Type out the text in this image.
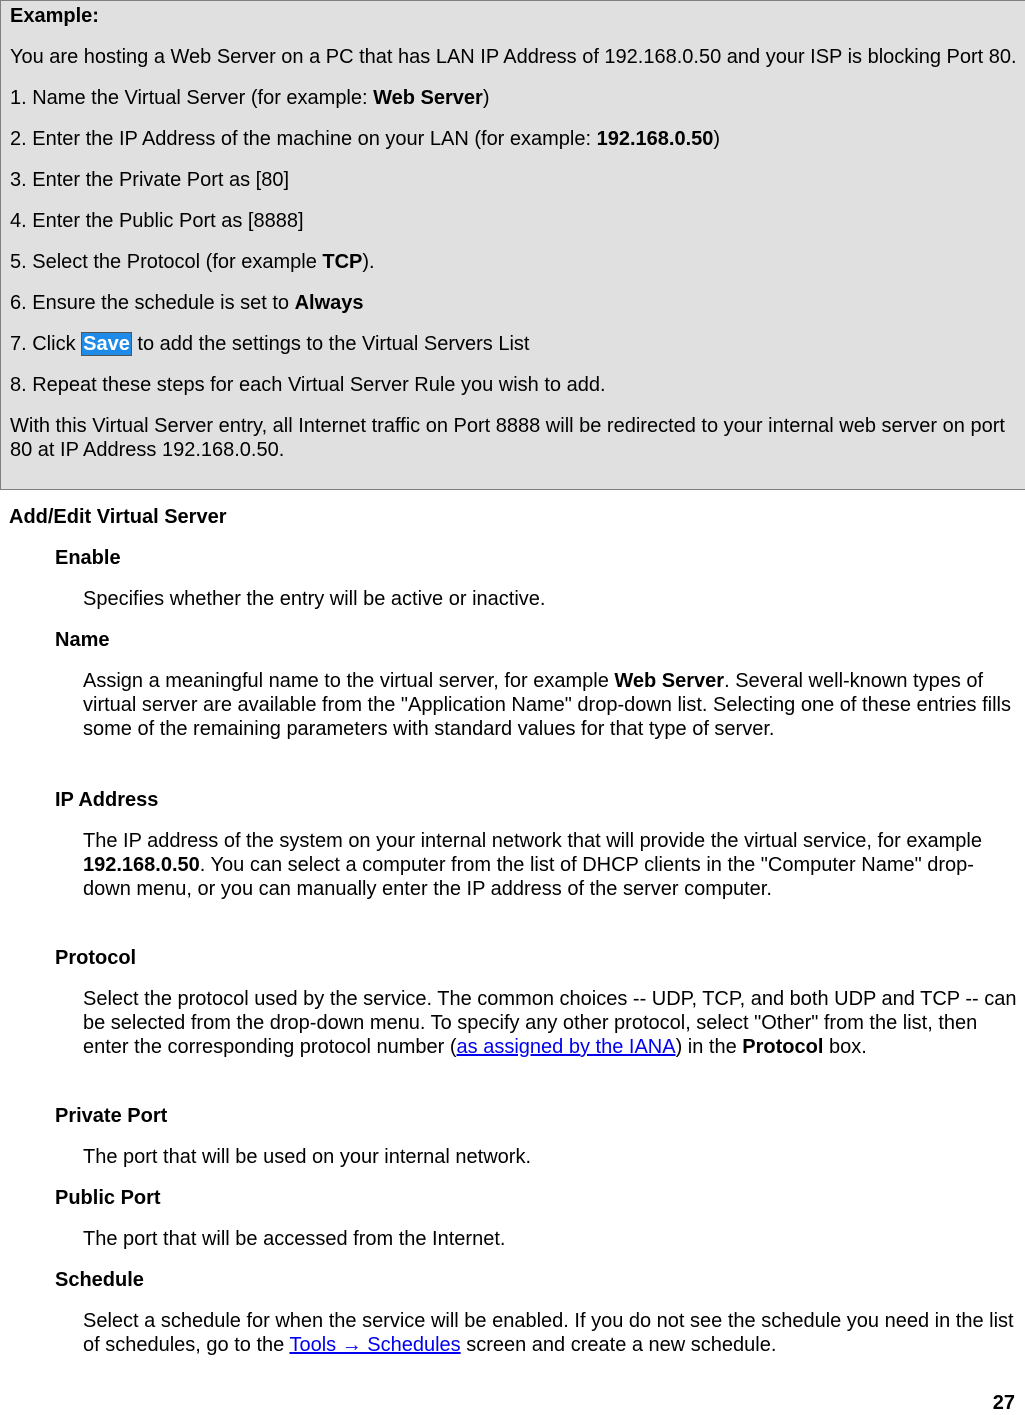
Example:

You are hosting a Web Server on a PC that has LAN IP Address of 192.168.0.50 and your ISP is blocking Port 80.

1. Name the Virtual Server (for example: Web Server)

2. Enter the IP Address of the machine on your LAN (for example: 192.168.0.50)

3. Enter the Private Port as [80]

4. Enter the Public Port as [8888]

5. Select the Protocol (for example TCP).

6. Ensure the schedule is set to Always

7. Click Save to add the settings to the Virtual Servers List

8. Repeat these steps for each Virtual Server Rule you wish to add.

With this Virtual Server entry, all Internet traffic on Port 8888 will be redirected to your internal web server on port 80 at IP Address 192.168.0.50.

Add/Edit Virtual Server
Enable
Specifies whether the entry will be active or inactive.
Name
Assign a meaningful name to the virtual server, for example Web Server. Several well-known types of virtual server are available from the "Application Name" drop-down list. Selecting one of these entries fills some of the remaining parameters with standard values for that type of server.
IP Address
The IP address of the system on your internal network that will provide the virtual service, for example 192.168.0.50. You can select a computer from the list of DHCP clients in the "Computer Name" drop-down menu, or you can manually enter the IP address of the server computer.
Protocol
Select the protocol used by the service. The common choices -- UDP, TCP, and both UDP and TCP -- can be selected from the drop-down menu. To specify any other protocol, select "Other" from the list, then enter the corresponding protocol number (as assigned by the IANA) in the Protocol box.
Private Port
The port that will be used on your internal network.
Public Port
The port that will be accessed from the Internet.
Schedule
Select a schedule for when the service will be enabled. If you do not see the schedule you need in the list of schedules, go to the Tools → Schedules screen and create a new schedule.
27
